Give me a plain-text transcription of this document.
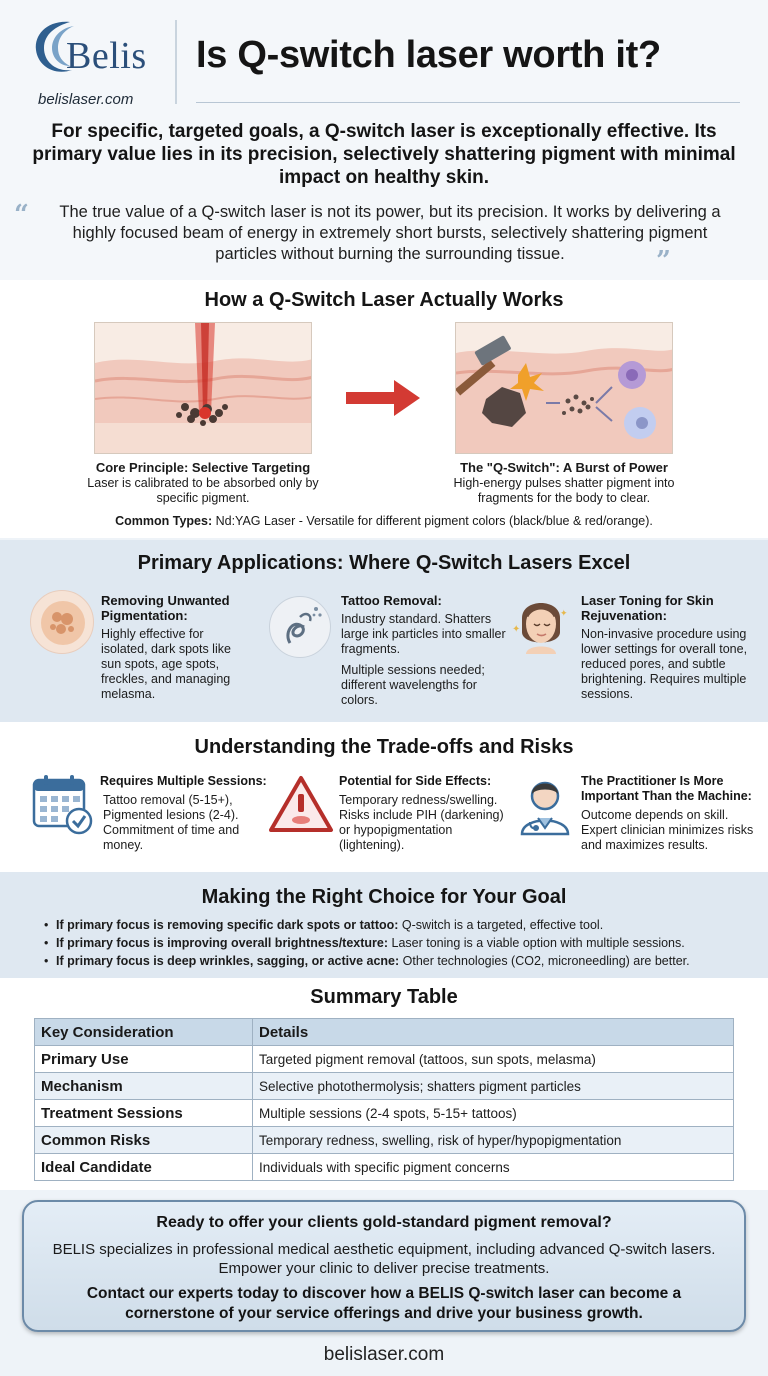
Belis
belislaser.com
Is Q-switch laser worth it?
For specific, targeted goals, a Q-switch laser is exceptionally effective. Its primary value lies in its precision, selectively shattering pigment with minimal impact on healthy skin.
“	The true value of a Q-switch laser is not its power, but its precision. It works by delivering a highly focused beam of energy in extremely short bursts, selectively shattering pigment particles without burning the surrounding tissue.	”
How a Q-Switch Laser Actually Works
Core Principle: Selective Targeting
Laser is calibrated to be absorbed only by specific pigment.
The "Q-Switch": A Burst of Power
High-energy pulses shatter pigment into fragments for the body to clear.
Common Types: Nd:YAG Laser - Versatile for different pigment colors (black/blue & red/orange).
Primary Applications: Where Q-Switch Lasers Excel
Removing Unwanted Pigmentation:
Highly effective for isolated, dark spots like sun spots, age spots, freckles, and managing melasma.
Tattoo Removal:
Industry standard. Shatters large ink particles into smaller fragments.
Multiple sessions needed; different wavelengths for colors.
✦
✦
Laser Toning for Skin Rejuvenation:
Non-invasive procedure using lower settings for overall tone, reduced pores, and subtle brightening. Requires multiple sessions.
Understanding the Trade-offs and Risks
Requires Multiple Sessions:
Tattoo removal (5-15+), Pigmented lesions (2-4). Commitment of time and money.
Potential for Side Effects:
Temporary redness/swelling. Risks include PIH (darkening) or hypopigmentation (lightening).
The Practitioner Is More Important Than the Machine:
Outcome depends on skill. Expert clinician minimizes risks and maximizes results.
Making the Right Choice for Your Goal
• If primary focus is removing specific dark spots or tattoo: Q-switch is a targeted, effective tool.
• If primary focus is improving overall brightness/texture: Laser toning is a viable option with multiple sessions.
• If primary focus is deep wrinkles, sagging, or active acne: Other technologies (CO2, microneedling) are better.
Summary Table
Key Consideration	Details
Primary Use	Targeted pigment removal (tattoos, sun spots, melasma)
Mechanism	Selective photothermolysis; shatters pigment particles
Treatment Sessions	Multiple sessions (2-4 spots, 5-15+ tattoos)
Common Risks	Temporary redness, swelling, risk of hyper/hypopigmentation
Ideal Candidate	Individuals with specific pigment concerns
Ready to offer your clients gold-standard pigment removal?
BELIS specializes in professional medical aesthetic equipment, including advanced Q-switch lasers. Empower your clinic to deliver precise treatments.
Contact our experts today to discover how a BELIS Q-switch laser can become a cornerstone of your service offerings and drive your business growth.
belislaser.com
